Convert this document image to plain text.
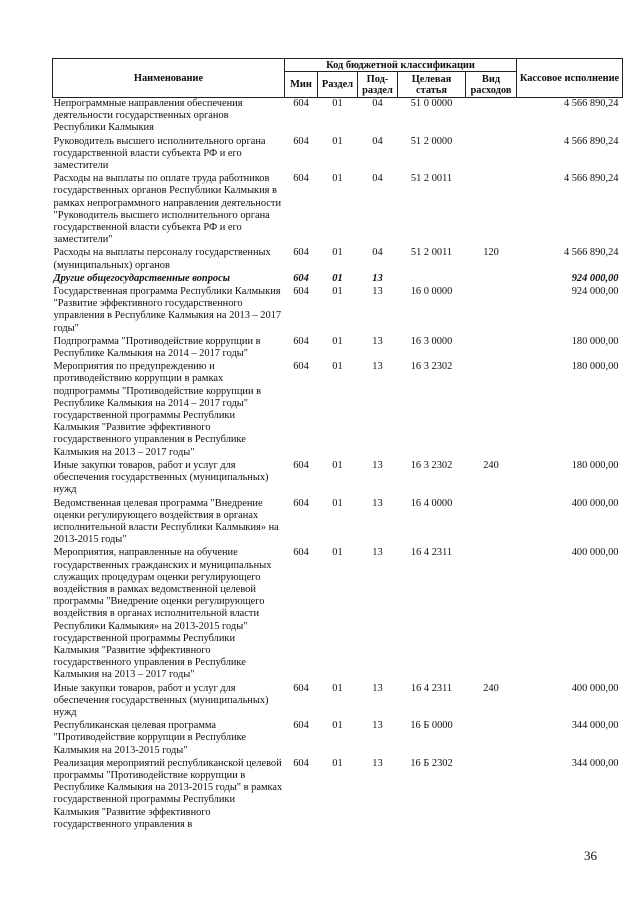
Наименование	Код бюджетной классификации					Кассовое исполнение
	Мин	Раздел	Под-раздел	Целевая статья	Вид расходов	
Непрограммные направления обеспечения деятельности государственных органов Республики Калмыкия	604	01	04	51 0 0000		4 566 890,24
Руководитель высшего исполнительного органа государственной власти субъекта РФ и его заместители	604	01	04	51 2 0000		4 566 890,24
Расходы на выплаты по оплате труда работников государственных органов Республики Калмыкия в рамках непрограммного направления деятельности "Руководитель высшего исполнительного органа государственной власти субъекта РФ и его заместители"	604	01	04	51 2 0011		4 566 890,24
Расходы на выплаты персоналу государственных (муниципальных) органов	604	01	04	51 2 0011	120	4 566 890,24
Другие общегосударственные вопросы	604	01	13			924 000,00
Государственная программа Республики Калмыкия "Развитие эффективного государственного управления в Республике Калмыкия на 2013 – 2017 годы"	604	01	13	16 0 0000		924 000,00
Подпрограмма "Противодействие коррупции в Республике Калмыкия на 2014 – 2017 годы"	604	01	13	16 3 0000		180 000,00
Мероприятия по предупреждению и противодействию коррупции в рамках подпрограммы "Противодействие коррупции в Республике Калмыкия на 2014 – 2017 годы" государственной программы Республики Калмыкия "Развитие эффективного государственного управления в Республике Калмыкия на 2013 – 2017 годы"	604	01	13	16 3 2302		180 000,00
Иные закупки товаров, работ и услуг для обеспечения государственных (муниципальных) нужд	604	01	13	16 3 2302	240	180 000,00
Ведомственная целевая программа "Внедрение оценки регулирующего воздействия в органах исполнительной власти Республики Калмыкия» на 2013-2015 годы"	604	01	13	16 4 0000		400 000,00
Мероприятия, направленные на обучение государственных гражданских и муниципальных служащих процедурам оценки регулирующего воздействия в рамках ведомственной целевой программы "Внедрение оценки регулирующего воздействия в органах исполнительной власти Республики Калмыкия» на 2013-2015 годы" государственной программы Республики Калмыкия "Развитие эффективного государственного управления в Республике Калмыкия на 2013 – 2017 годы"	604	01	13	16 4 2311		400 000,00
Иные закупки товаров, работ и услуг для обеспечения государственных (муниципальных) нужд	604	01	13	16 4 2311	240	400 000,00
Республиканская целевая программа "Противодействие коррупции в Республике Калмыкия на 2013-2015 годы"	604	01	13	16 Б 0000		344 000,00
Реализация мероприятий республиканской целевой программы "Противодействие коррупции в Республике Калмыкия на 2013-2015 годы" в рамках государственной программы Республики Калмыкия "Развитие эффективного государственного управления в	604	01	13	16 Б 2302		344 000,00
36
